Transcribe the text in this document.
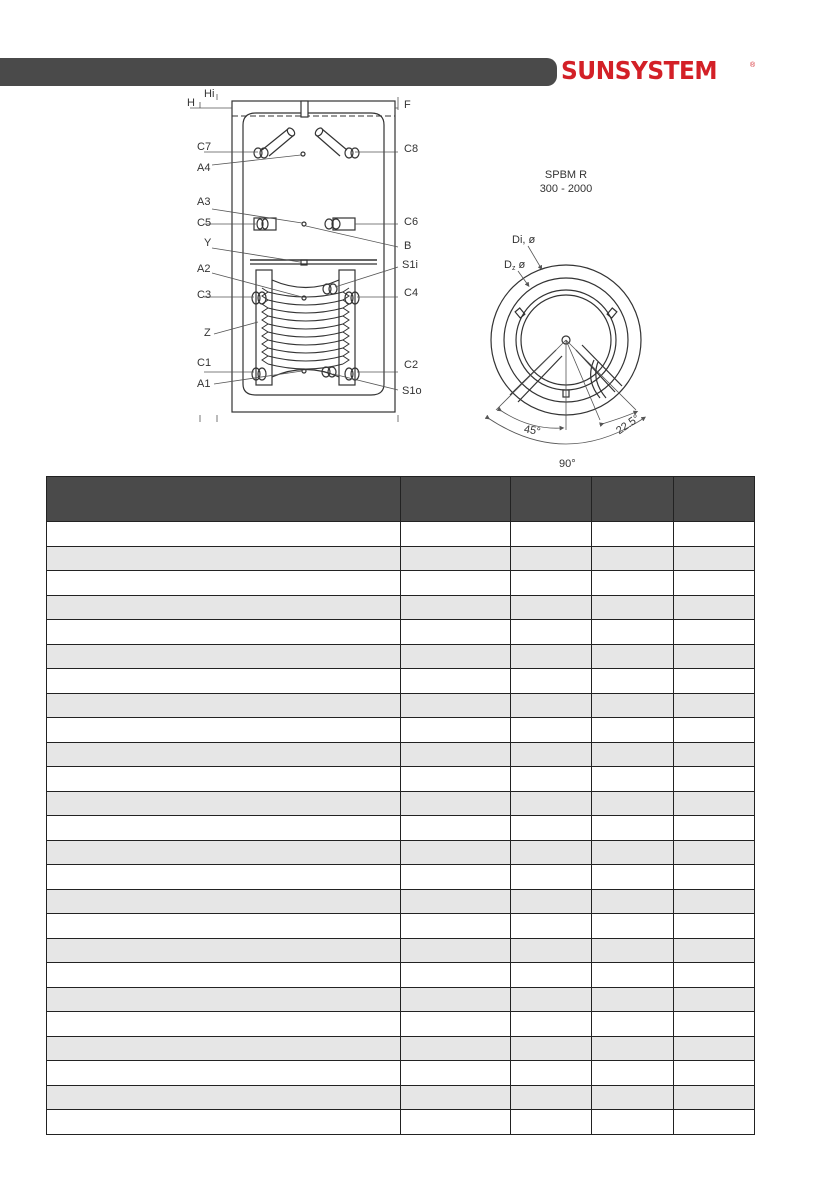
SUNSYSTEM	®
Hi
H	F
C7	C8
A4
A3
C5	C6
B
Y
A2	S1i
C3	C4
Z
C1	C2
A1
S1o
SPBM R
300 - 2000
Di, ø
Dz ø
45°	22.5°
90°
